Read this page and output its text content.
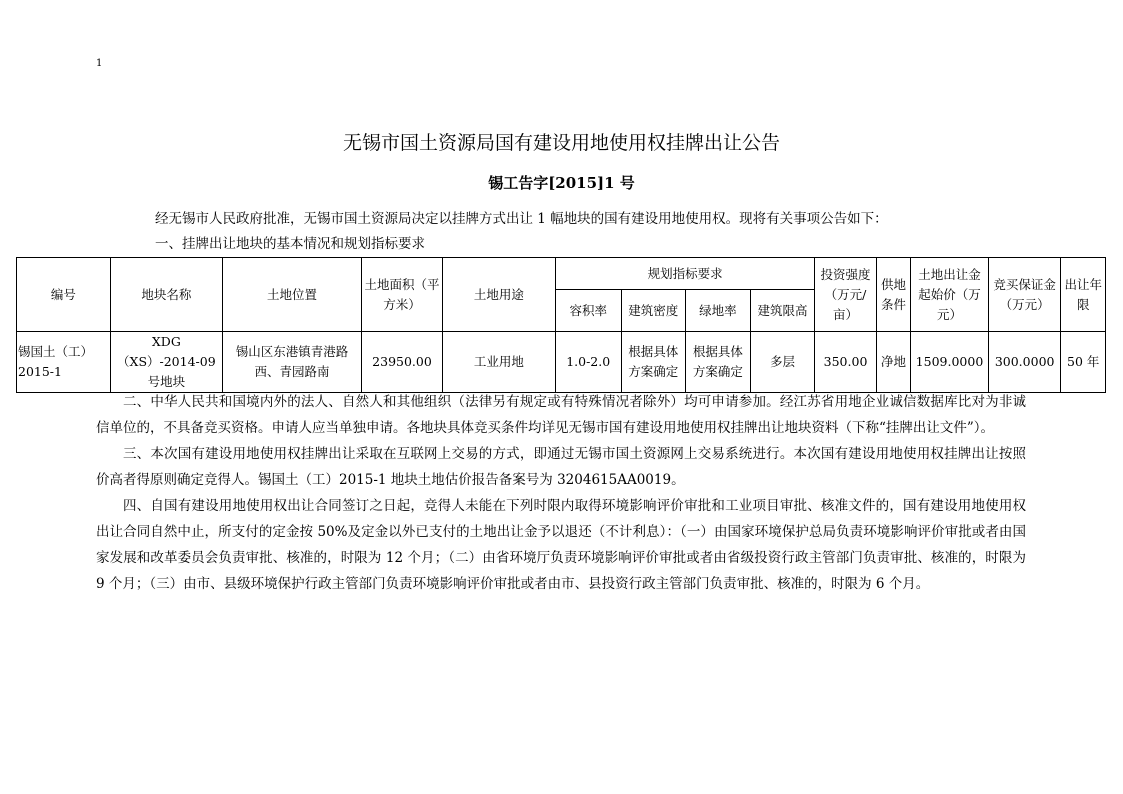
1
无锡市国土资源局国有建设用地使用权挂牌出让公告
锡工告字[2015]1 号
经无锡市人民政府批准，无锡市国土资源局决定以挂牌方式出让 1 幅地块的国有建设用地使用权。现将有关事项公告如下：
一、挂牌出让地块的基本情况和规划指标要求
编号	地块名称	土地位置	土地面积（平方米）	土地用途	规划指标要求				投资强度（万元/亩）	供地条件	土地出让金起始价（万元）	竞买保证金（万元）	出让年限
					容积率	建筑密度	绿地率	建筑限高					
锡国土（工）2015-1	XDG（XS）-2014-09 号地块	锡山区东港镇青港路西、青园路南	23950.00	工业用地	1.0-2.0	根据具体方案确定	根据具体方案确定	多层	350.00	净地	1509.0000	300.0000	50 年

二、中华人民共和国境内外的法人、自然人和其他组织（法律另有规定或有特殊情况者除外）均可申请参加。经江苏省用地企业诚信数据库比对为非诚信单位的，不具备竞买资格。申请人应当单独申请。各地块具体竞买条件均详见无锡市国有建设用地使用权挂牌出让地块资料（下称“挂牌出让文件”）。

三、本次国有建设用地使用权挂牌出让采取在互联网上交易的方式，即通过无锡市国土资源网上交易系统进行。本次国有建设用地使用权挂牌出让按照价高者得原则确定竞得人。锡国土（工）2015-1 地块土地估价报告备案号为 3204615AA0019。

四、自国有建设用地使用权出让合同签订之日起，竞得人未能在下列时限内取得环境影响评价审批和工业项目审批、核准文件的，国有建设用地使用权出让合同自然中止，所支付的定金按 50%及定金以外已支付的土地出让金予以退还（不计利息）：（一）由国家环境保护总局负责环境影响评价审批或者由国家发展和改革委员会负责审批、核准的，时限为 12 个月；（二）由省环境厅负责环境影响评价审批或者由省级投资行政主管部门负责审批、核准的，时限为 9 个月；（三）由市、县级环境保护行政主管部门负责环境影响评价审批或者由市、县投资行政主管部门负责审批、核准的，时限为 6 个月。
